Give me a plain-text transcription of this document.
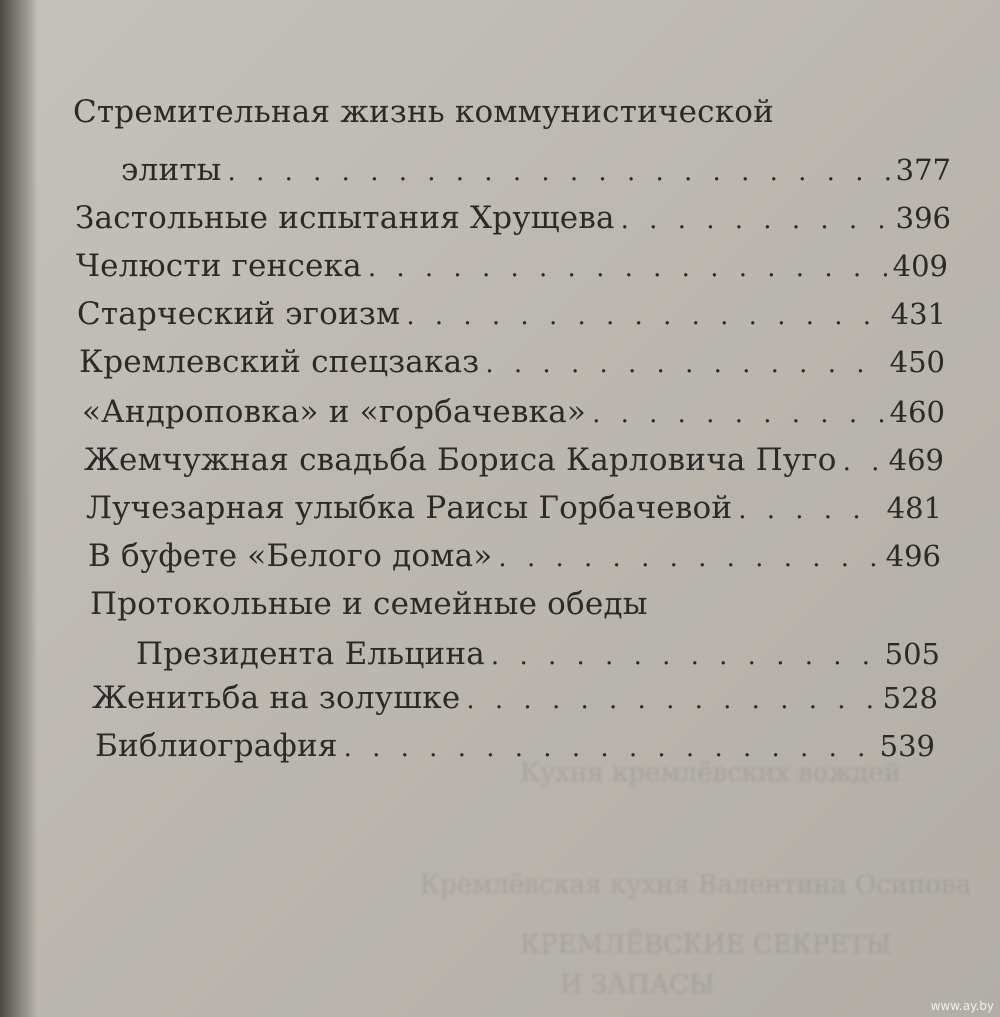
Кухня кремлёвских вождей
Кремлёвская кухня Валентина Осипова
КРЕМЛЁВСКИЕ СЕКРЕТЫ
И ЗАПАСЫ
Стремительная жизнь коммунистической
элиты . . .	377
Застольные испытания Хрущева . . .	396
Челюсти генсека . . .	409
Старческий эгоизм . . .	431
Кремлевский спецзаказ . . .	450
«Андроповка» и «горбачевка» . . .	460
Жемчужная свадьба Бориса Карловича Пуго . . . 469
Лучезарная улыбка Раисы Горбачевой . . .	481
В буфете «Белого дома» . . .	496
Протокольные и семейные обеды
Президента Ельцина . . .	505
Женитьба на золушке . . .	528
Библиография . . .	539
www.ay.by
